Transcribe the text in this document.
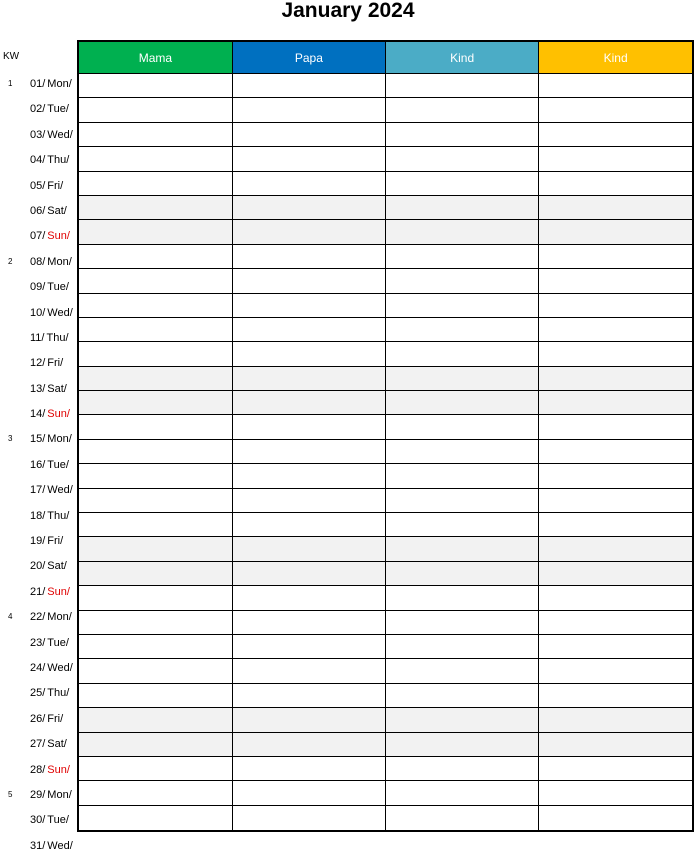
January 2024
KW
1 01/ Mon/
02/ Tue/
03/ Wed/
04/ Thu/
05/ Fri/
06/ Sat/
07/ Sun/
2 08/ Mon/
09/ Tue/
10/ Wed/
11/ Thu/
12/ Fri/
13/ Sat/
14/ Sun/
3 15/ Mon/
16/ Tue/
17/ Wed/
18/ Thu/
19/ Fri/
20/ Sat/
21/ Sun/
4 22/ Mon/
23/ Tue/
24/ Wed/
25/ Thu/
26/ Fri/
27/ Sat/
28/ Sun/
5 29/ Mon/
30/ Tue/
31/ Wed/
Mama	Papa	Kind	Kind
